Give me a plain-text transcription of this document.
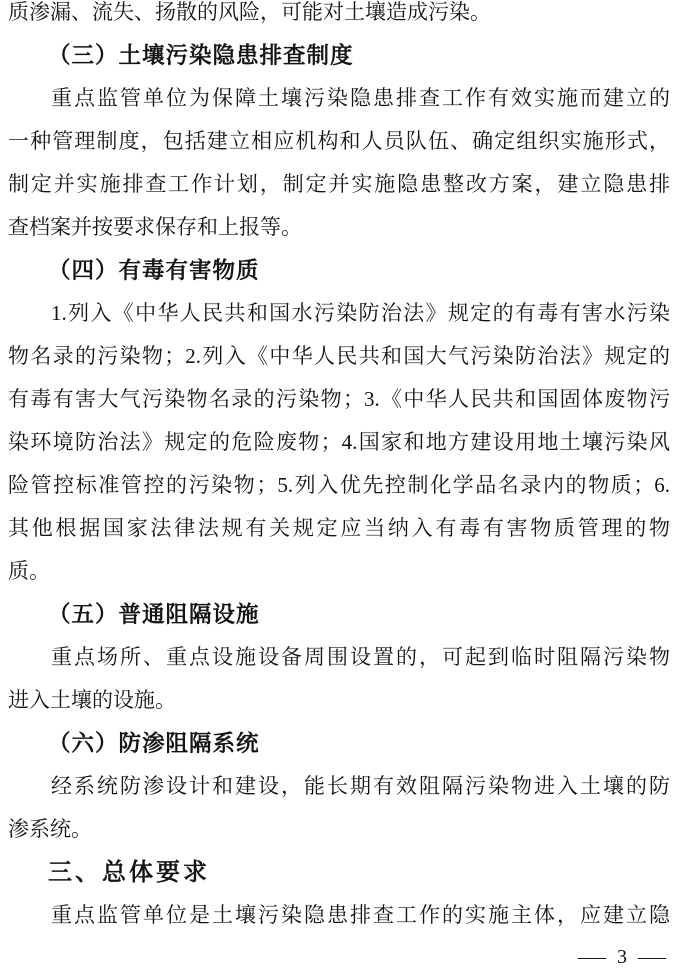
质渗漏、流失、扬散的风险，可能对土壤造成污染。
（三）土壤污染隐患排查制度
重点监管单位为保障土壤污染隐患排查工作有效实施而建立的
一种管理制度，包括建立相应机构和人员队伍、确定组织实施形式，
制定并实施排查工作计划，制定并实施隐患整改方案，建立隐患排
查档案并按要求保存和上报等。
（四）有毒有害物质
1.列入《中华人民共和国水污染防治法》规定的有毒有害水污染
物名录的污染物；2.列入《中华人民共和国大气污染防治法》规定的
有毒有害大气污染物名录的污染物；3.《中华人民共和国固体废物污
染环境防治法》规定的危险废物；4.国家和地方建设用地土壤污染风
险管控标准管控的污染物；5.列入优先控制化学品名录内的物质；6.
其他根据国家法律法规有关规定应当纳入有毒有害物质管理的物
质。
（五）普通阻隔设施
重点场所、重点设施设备周围设置的，可起到临时阻隔污染物
进入土壤的设施。
（六）防渗阻隔系统
经系统防渗设计和建设，能长期有效阻隔污染物进入土壤的防
渗系统。
三、总体要求
重点监管单位是土壤污染隐患排查工作的实施主体，应建立隐
— 3 —
